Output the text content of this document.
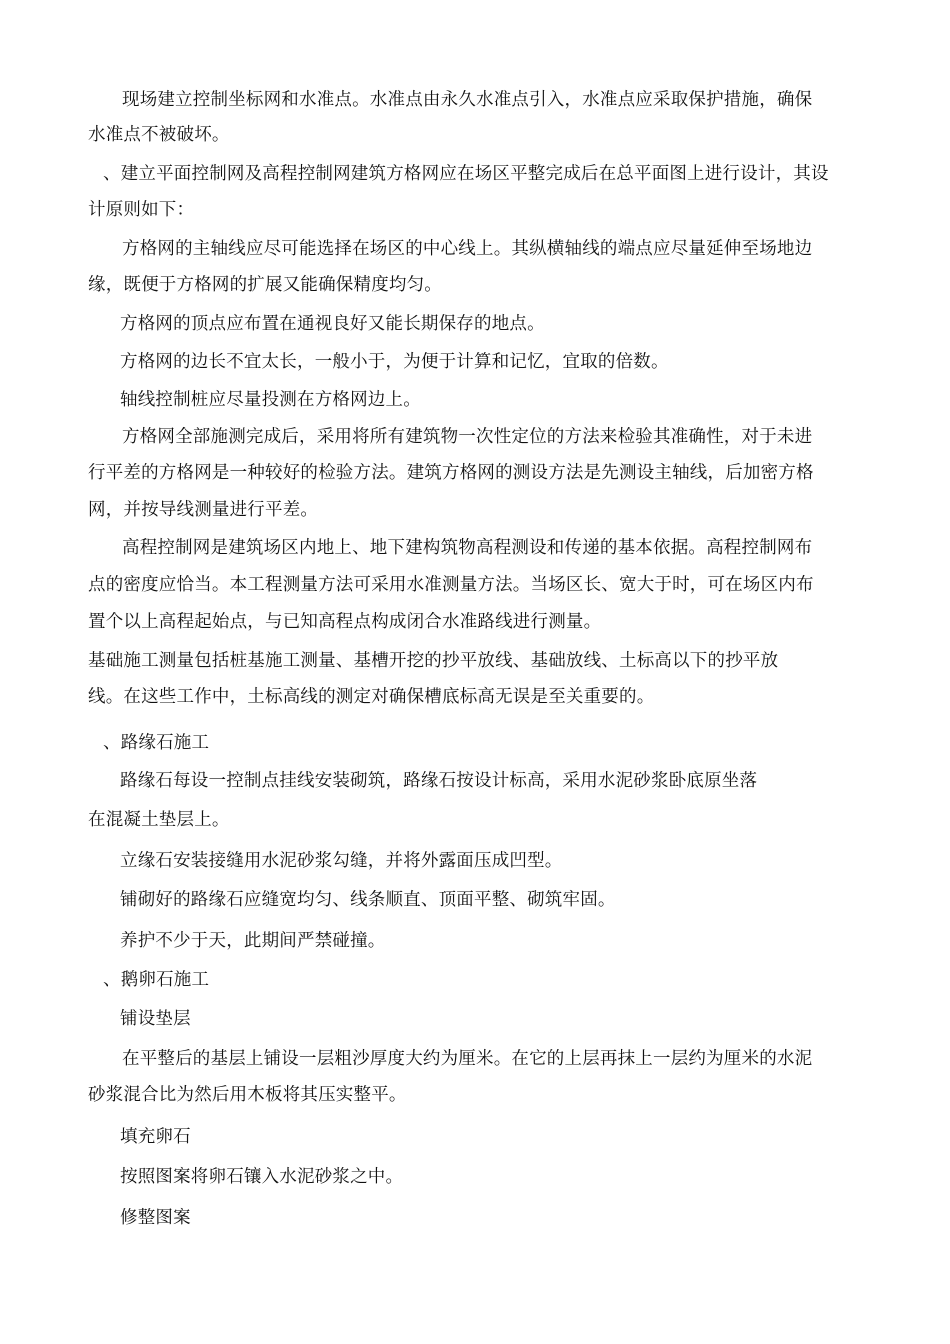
现场建立控制坐标网和水准点。水准点由永久水准点引入，水准点应采取保护措施，确保
水准点不被破坏。
、建立平面控制网及高程控制网建筑方格网应在场区平整完成后在总平面图上进行设计，其设
计原则如下：
方格网的主轴线应尽可能选择在场区的中心线上。其纵横轴线的端点应尽量延伸至场地边
缘，既便于方格网的扩展又能确保精度均匀。
方格网的顶点应布置在通视良好又能长期保存的地点。
方格网的边长不宜太长，一般小于，为便于计算和记忆，宜取的倍数。
轴线控制桩应尽量投测在方格网边上。
方格网全部施测完成后，采用将所有建筑物一次性定位的方法来检验其准确性，对于未进
行平差的方格网是一种较好的检验方法。建筑方格网的测设方法是先测设主轴线，后加密方格
网，并按导线测量进行平差。
高程控制网是建筑场区内地上、地下建构筑物高程测设和传递的基本依据。高程控制网布
点的密度应恰当。本工程测量方法可采用水准测量方法。当场区长、宽大于时，可在场区内布
置个以上高程起始点，与已知高程点构成闭合水准路线进行测量。
基础施工测量包括桩基施工测量、基槽开挖的抄平放线、基础放线、土标高以下的抄平放
线。在这些工作中，土标高线的测定对确保槽底标高无误是至关重要的。
、路缘石施工
路缘石每设一控制点挂线安装砌筑，路缘石按设计标高，采用水泥砂浆卧底原坐落
在混凝土垫层上。
立缘石安装接缝用水泥砂浆勾缝，并将外露面压成凹型。
铺砌好的路缘石应缝宽均匀、线条顺直、顶面平整、砌筑牢固。
养护不少于天，此期间严禁碰撞。
、鹅卵石施工
铺设垫层
在平整后的基层上铺设一层粗沙厚度大约为厘米。在它的上层再抹上一层约为厘米的水泥
砂浆混合比为然后用木板将其压实整平。
填充卵石
按照图案将卵石镶入水泥砂浆之中。
修整图案
